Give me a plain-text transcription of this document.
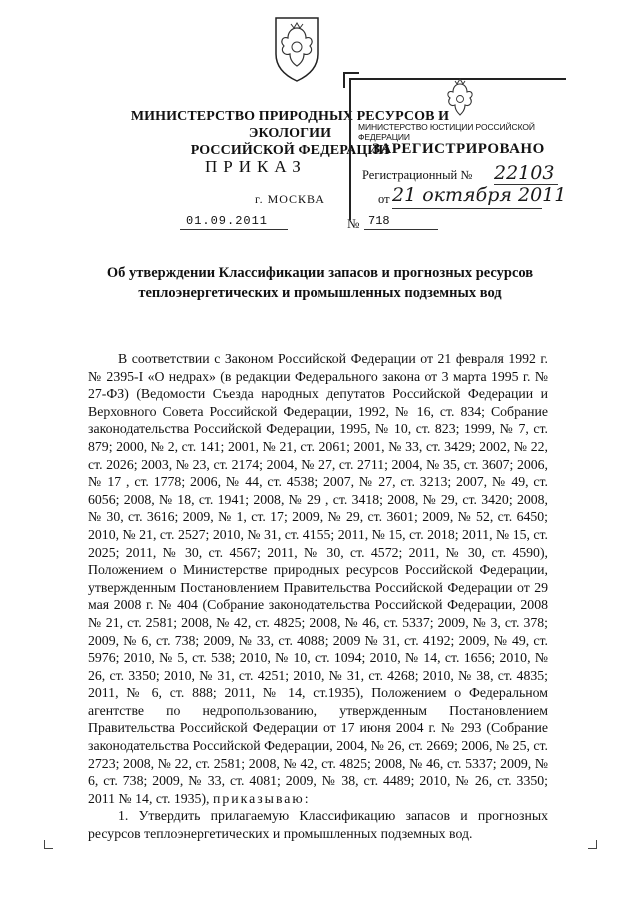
МИНИСТЕРСТВО ПРИРОДНЫХ РЕСУРСОВ И ЭКОЛОГИИ
РОССИЙСКОЙ ФЕДЕРАЦИИ
ПРИКАЗ
г. МОСКВА
01.09.2011	№ 718
МИНИСТЕРСТВО ЮСТИЦИИ РОССИЙСКОЙ ФЕДЕРАЦИИ
ЗАРЕГИСТРИРОВАНО
Регистрационный № 22103
от 21 октября 2011
Об утверждении Классификации запасов и прогнозных ресурсов
теплоэнергетических и промышленных подземных вод

В соответствии с Законом Российской Федерации от 21 февраля 1992 г. № 2395-I «О недрах» (в редакции Федерального закона от 3 марта 1995 г. № 27-ФЗ) (Ведомости Съезда народных депутатов Российской Федерации и Верховного Совета Российской Федерации, 1992, № 16, ст. 834; Собрание законодательства Российской Федерации, 1995, № 10, ст. 823; 1999, № 7, ст. 879; 2000, № 2, ст. 141; 2001, № 21, ст. 2061; 2001, № 33, ст. 3429; 2002, № 22, ст. 2026; 2003, № 23, ст. 2174; 2004, № 27, ст. 2711; 2004, № 35, ст. 3607; 2006, № 17 , ст. 1778; 2006, № 44, ст. 4538; 2007, № 27, ст. 3213; 2007, № 49, ст. 6056; 2008, № 18, ст. 1941; 2008, № 29 , ст. 3418; 2008, № 29, ст. 3420; 2008, № 30, ст. 3616; 2009, № 1, ст. 17; 2009, № 29, ст. 3601; 2009, № 52, ст. 6450; 2010, № 21, ст. 2527; 2010, № 31, ст. 4155; 2011, № 15, ст. 2018; 2011, № 15, ст. 2025; 2011, № 30, ст. 4567; 2011, № 30, ст. 4572; 2011, № 30, ст. 4590), Положением о Министерстве природных ресурсов Российской Федерации, утвержденным Постановлением Правительства Российской Федерации от 29 мая 2008 г. № 404 (Собрание законодательства Российской Федерации, 2008 № 21, ст. 2581; 2008, № 42, ст. 4825; 2008, № 46, ст. 5337; 2009, № 3, ст. 378; 2009, № 6, ст. 738; 2009, № 33, ст. 4088; 2009 № 31, ст. 4192; 2009, № 49, ст. 5976; 2010, № 5, ст. 538; 2010, № 10, ст. 1094; 2010, № 14, ст. 1656; 2010, № 26, ст. 3350; 2010, № 31, ст. 4251; 2010, № 31, ст. 4268; 2010, № 38, ст. 4835; 2011, № 6, ст. 888; 2011, № 14, ст.1935), Положением о Федеральном агентстве по недропользованию, утвержденным Постановлением Правительства Российской Федерации от 17 июня 2004 г. № 293 (Собрание законодательства Российской Федерации, 2004, № 26, ст. 2669; 2006, № 25, ст. 2723; 2008, № 22, ст. 2581; 2008, № 42, ст. 4825; 2008, № 46, ст. 5337; 2009, № 6, ст. 738; 2009, № 33, ст. 4081; 2009, № 38, ст. 4489; 2010, № 26, ст. 3350; 2011 № 14, ст. 1935), приказываю:

1. Утвердить прилагаемую Классификацию запасов и прогнозных ресурсов теплоэнергетических и промышленных подземных вод.
